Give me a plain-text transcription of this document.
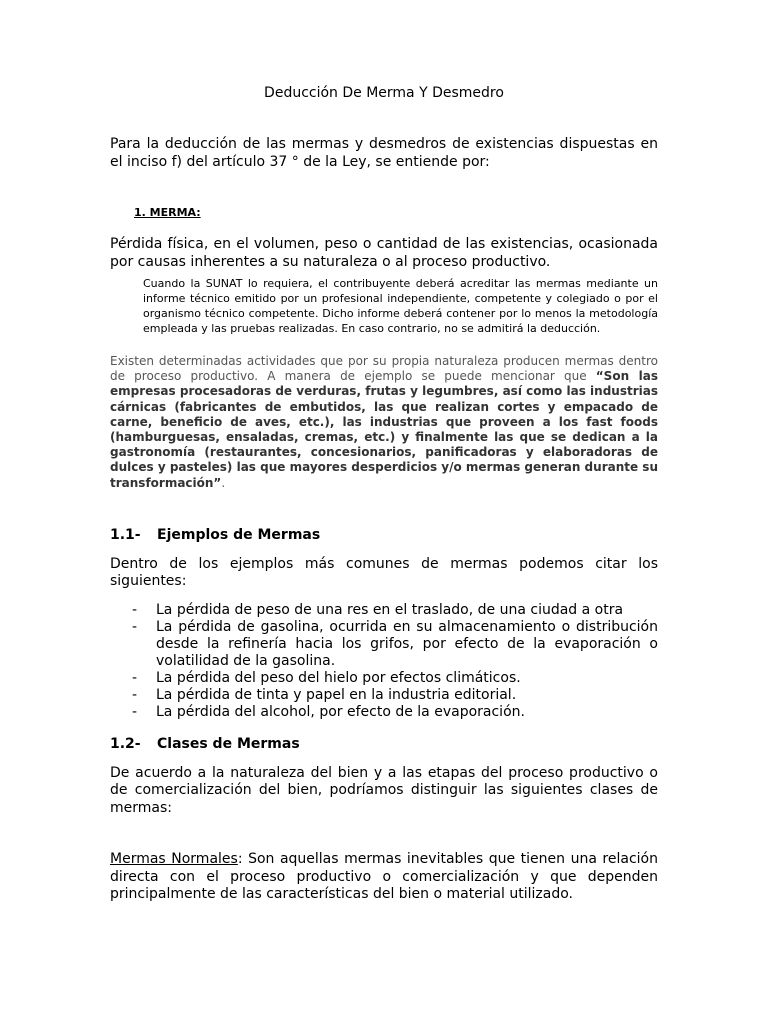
Deducción De Merma Y Desmedro

Para la deducción de las mermas y desmedros de existencias dispuestas en el inciso f) del artículo 37 ° de la Ley, se entiende por:

1. MERMA:

Pérdida física, en el volumen, peso o cantidad de las existencias, ocasionada por causas inherentes a su naturaleza o al proceso productivo.

Cuando la SUNAT lo requiera, el contribuyente deberá acreditar las mermas mediante un informe técnico emitido por un profesional independiente, competente y colegiado o por el organismo técnico competente. Dicho informe deberá contener por lo menos la metodología empleada y las pruebas realizadas. En caso contrario, no se admitirá la deducción.

Existen determinadas actividades que por su propia naturaleza producen mermas dentro de proceso productivo. A manera de ejemplo se puede mencionar que “Son las empresas procesadoras de verduras, frutas y legumbres, así como las industrias cárnicas (fabricantes de embutidos, las que realizan cortes y empacado de carne, beneficio de aves, etc.), las industrias que proveen a los fast foods (hamburguesas, ensaladas, cremas, etc.) y finalmente las que se dedican a la gastronomía (restaurantes, concesionarios, panificadoras y elaboradoras de dulces y pasteles) las que mayores desperdicios y/o mermas generan durante su transformación”.

1.1- Ejemplos de Mermas

Dentro de los ejemplos más comunes de mermas podemos citar los siguientes:

- La pérdida de peso de una res en el traslado, de una ciudad a otra
- La pérdida de gasolina, ocurrida en su almacenamiento o distribución desde la refinería hacia los grifos, por efecto de la evaporación o volatilidad de la gasolina.
- La pérdida del peso del hielo por efectos climáticos.
- La pérdida de tinta y papel en la industria editorial.
- La pérdida del alcohol, por efecto de la evaporación.
1.2- Clases de Mermas

De acuerdo a la naturaleza del bien y a las etapas del proceso productivo o de comercialización del bien, podríamos distinguir las siguientes clases de mermas:

Mermas Normales: Son aquellas mermas inevitables que tienen una relación directa con el proceso productivo o comercialización y que dependen principalmente de las características del bien o material utilizado.
